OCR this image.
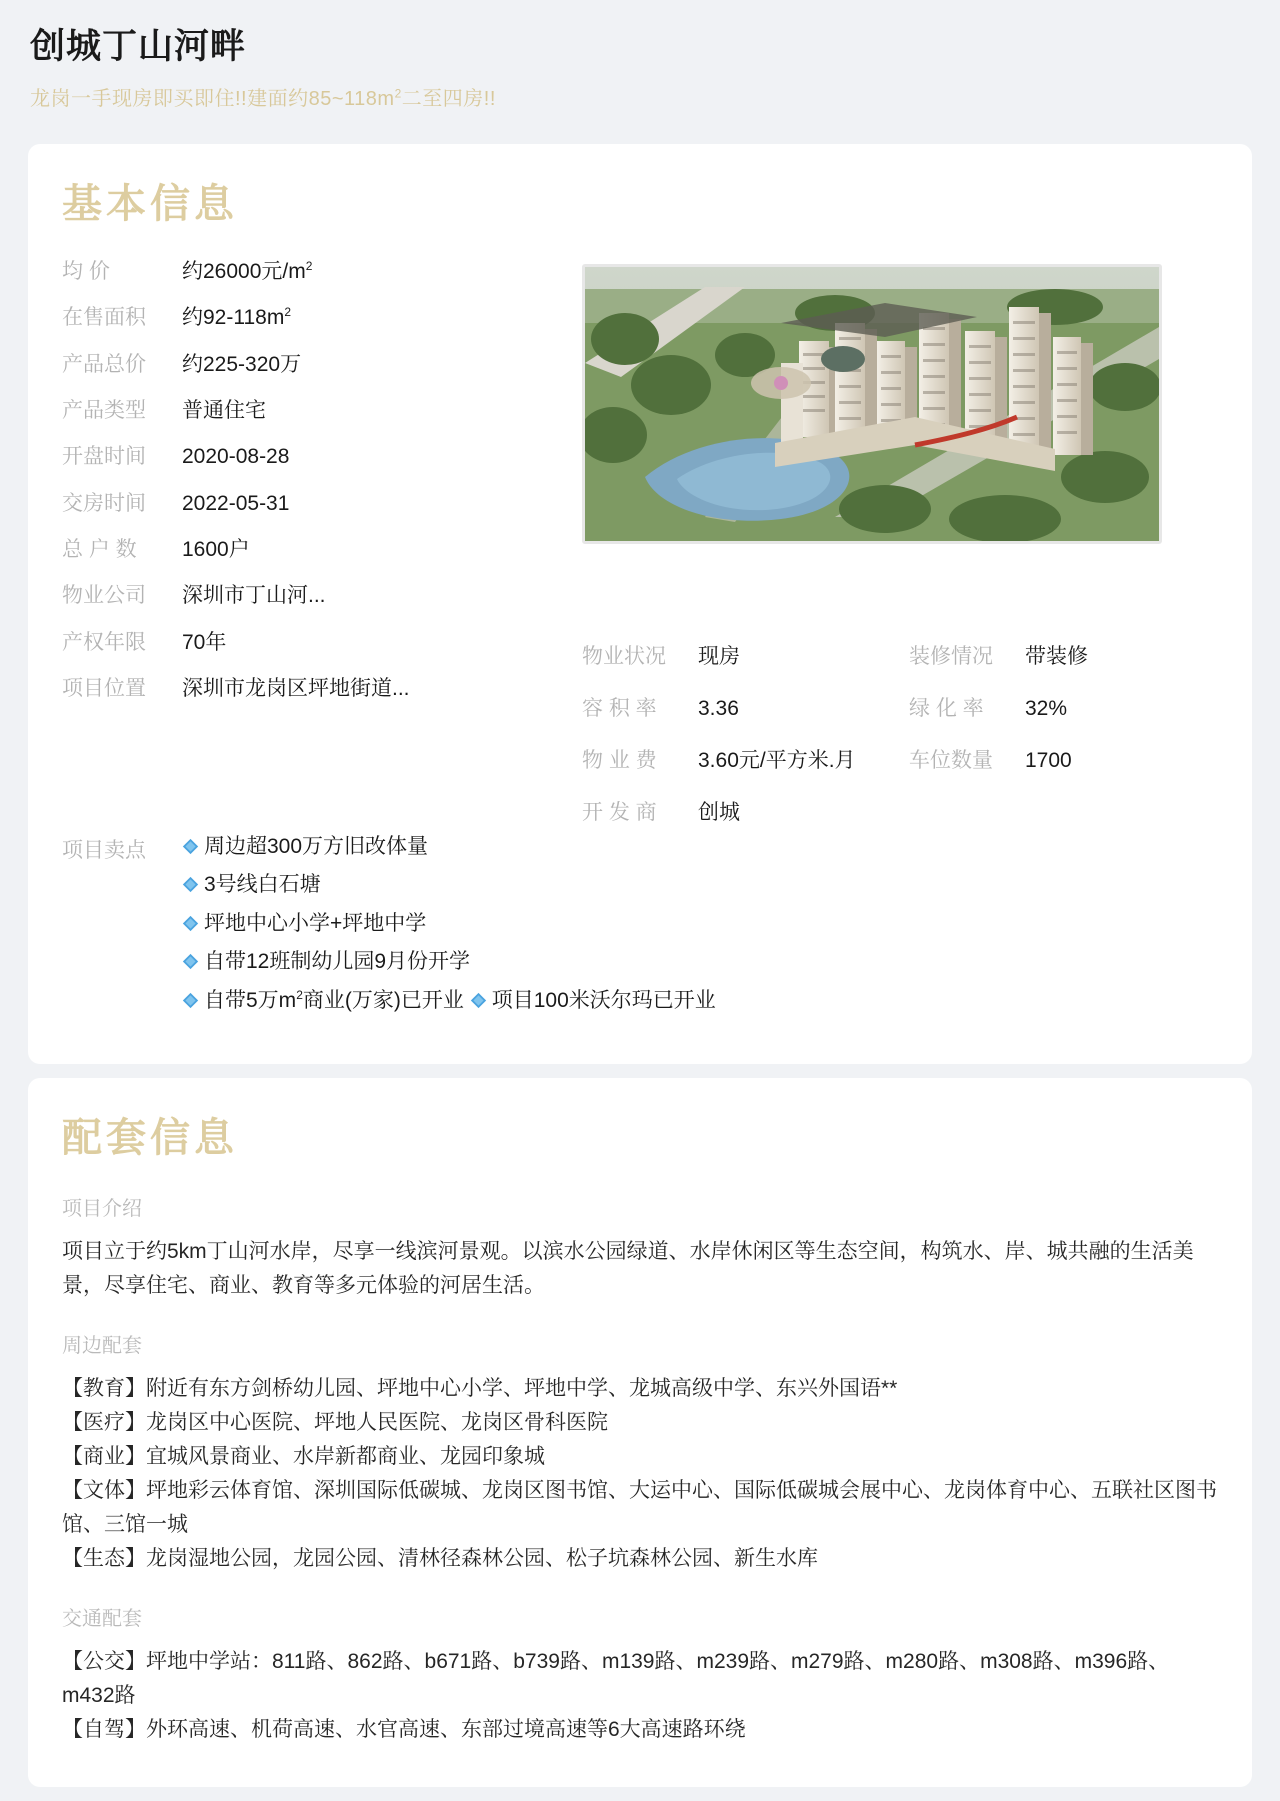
创城丁山河畔

龙岗一手现房即买即住!!建面约$85\sim 118m^2$二至四房!!

基本信息
均 价	约26000元$/m^2$
在售面积	约$92-118m^2$
产品总价	约225-320万
产品类型	普通住宅
开盘时间	2020-08-28
交房时间	2022-05-31
总 户 数	1600户
物业公司	深圳市丁山河...
产权年限	70年
项目位置	深圳市龙岗区坪地街道...
物业状况	现房	装修情况	带装修
容 积 率	3.36	绿 化 率	32%
物 业 费	3.60元/平方米.月	车位数量	1700
开 发 商	创城
项目卖点	周边超300万方旧改体量
3号线白石塘
坪地中心小学+坪地中学
自带12班制幼儿园9月份开学
自带5万$m^2$商业(万家)已开业 项目100米沃尔玛已开业
配套信息
项目介绍

项目立于约5km丁山河水岸，尽享一线滨河景观。以滨水公园绿道、水岸休闲区等生态空间，构筑水、岸、城共融的生活美景，尽享住宅、商业、教育等多元体验的河居生活。

周边配套

【教育】附近有东方剑桥幼儿园、坪地中心小学、坪地中学、龙城高级中学、东兴外国语**

【医疗】龙岗区中心医院、坪地人民医院、龙岗区骨科医院

【商业】宜城风景商业、水岸新都商业、龙园印象城

【文体】坪地彩云体育馆、深圳国际低碳城、龙岗区图书馆、大运中心、国际低碳城会展中心、龙岗体育中心、五联社区图书馆、三馆一城

【生态】龙岗湿地公园，龙园公园、清林径森林公园、松子坑森林公园、新生水库

交通配套

【公交】坪地中学站：811路、862路、b671路、b739路、m139路、m239路、m279路、m280路、m308路、m396路、m432路

【自驾】外环高速、机荷高速、水官高速、东部过境高速等6大高速路环绕
